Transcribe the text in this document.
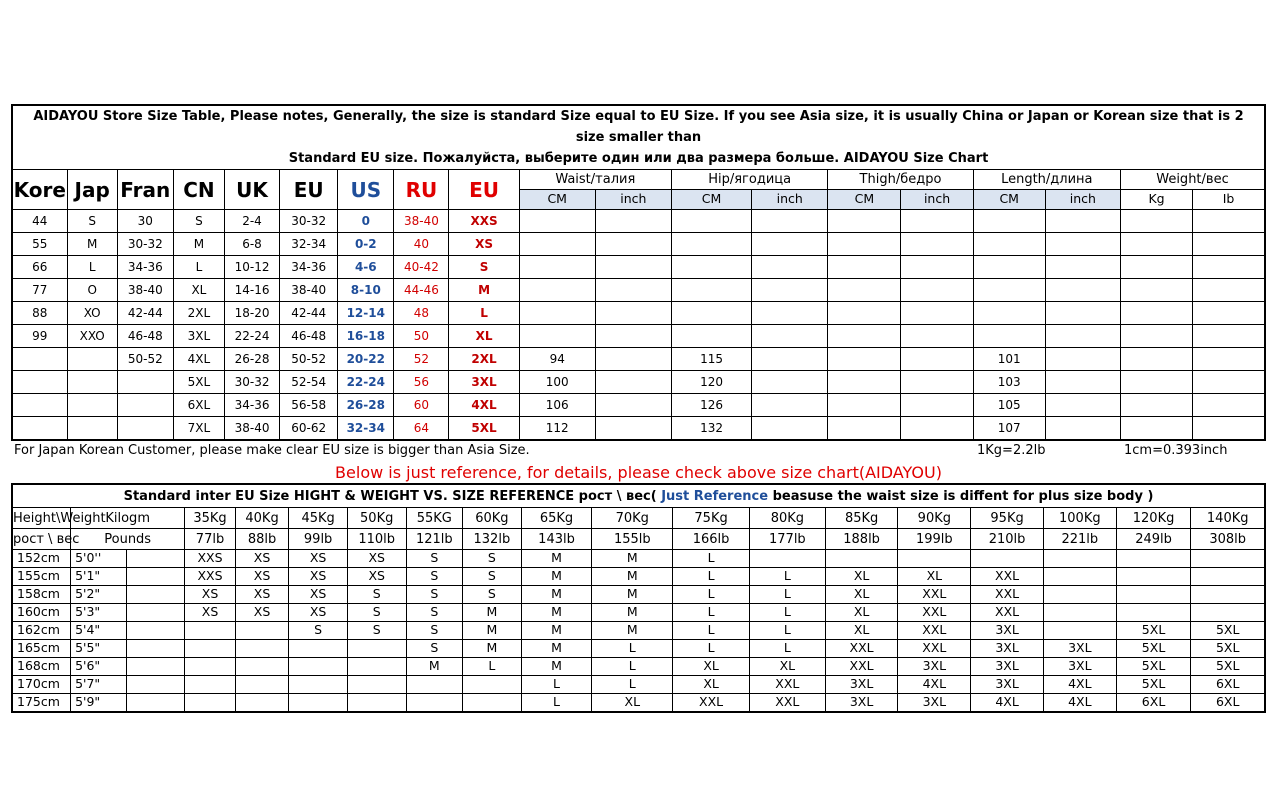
AIDAYOU Store Size Table, Please notes, Generally, the size is standard Size equal to EU Size. If you see Asia size, it is usually China or Japan or Korean size that is 2 size smaller than
Standard EU size. Пожалуйста, выберите один или два размера больше. AIDAYOU Size Chart																		
Kore	Jap	Fran	CN	UK	EU	US	RU	EU	Waist/талия		Hip/ягодица		Thigh/бедро		Length/длина		Weight/вес	
									CM	inch	CM	inch	CM	inch	CM	inch	Kg	Ib
44	S	30	S	2-4	30-32	0	38-40	XXS										
55	M	30-32	M	6-8	32-34	0-2	40	XS										
66	L	34-36	L	10-12	34-36	4-6	40-42	S										
77	O	38-40	XL	14-16	38-40	8-10	44-46	M										
88	XO	42-44	2XL	18-20	42-44	12-14	48	L										
99	XXO	46-48	3XL	22-24	46-48	16-18	50	XL										
		50-52	4XL	26-28	50-52	20-22	52	2XL	94		115				101			
			5XL	30-32	52-54	22-24	56	3XL	100		120				103			
			6XL	34-36	56-58	26-28	60	4XL	106		126				105			
			7XL	38-40	60-62	32-34	64	5XL	112		132				107			
For Japan Korean Customer, please make clear EU size is bigger than Asia Size.	1Kg=2.2lb	1cm=0.393inch
Below is just reference, for details, please check above size chart(AIDAYOU)
Standard inter EU Size HIGHT & WEIGHT VS. SIZE REFERENCE рост \ вес( Just Reference beasuse the waist size is diffent for plus size body )																		
Height\Weight	Kilogm		35Kg	40Kg	45Kg	50Kg	55KG	60Kg	65Kg	70Kg	75Kg	80Kg	85Kg	90Kg	95Kg	100Kg	120Kg	140Kg
рост \ вес	Pounds		77lb	88lb	99lb	110lb	121lb	132lb	143lb	155lb	166lb	177lb	188lb	199lb	210lb	221lb	249lb	308lb
152cm	5'0''		XXS	XS	XS	XS	S	S	M	M	L							
155cm	5'1"		XXS	XS	XS	XS	S	S	M	M	L	L	XL	XL	XXL			
158cm	5'2"		XS	XS	XS	S	S	S	M	M	L	L	XL	XXL	XXL			
160cm	5'3"		XS	XS	XS	S	S	M	M	M	L	L	XL	XXL	XXL			
162cm	5'4"				S	S	S	M	M	M	L	L	XL	XXL	3XL		5XL	5XL
165cm	5'5"						S	M	M	L	L	L	XXL	XXL	3XL	3XL	5XL	5XL
168cm	5'6"						M	L	M	L	XL	XL	XXL	3XL	3XL	3XL	5XL	5XL
170cm	5'7"								L	L	XL	XXL	3XL	4XL	3XL	4XL	5XL	6XL
175cm	5'9"								L	XL	XXL	XXL	3XL	3XL	4XL	4XL	6XL	6XL
